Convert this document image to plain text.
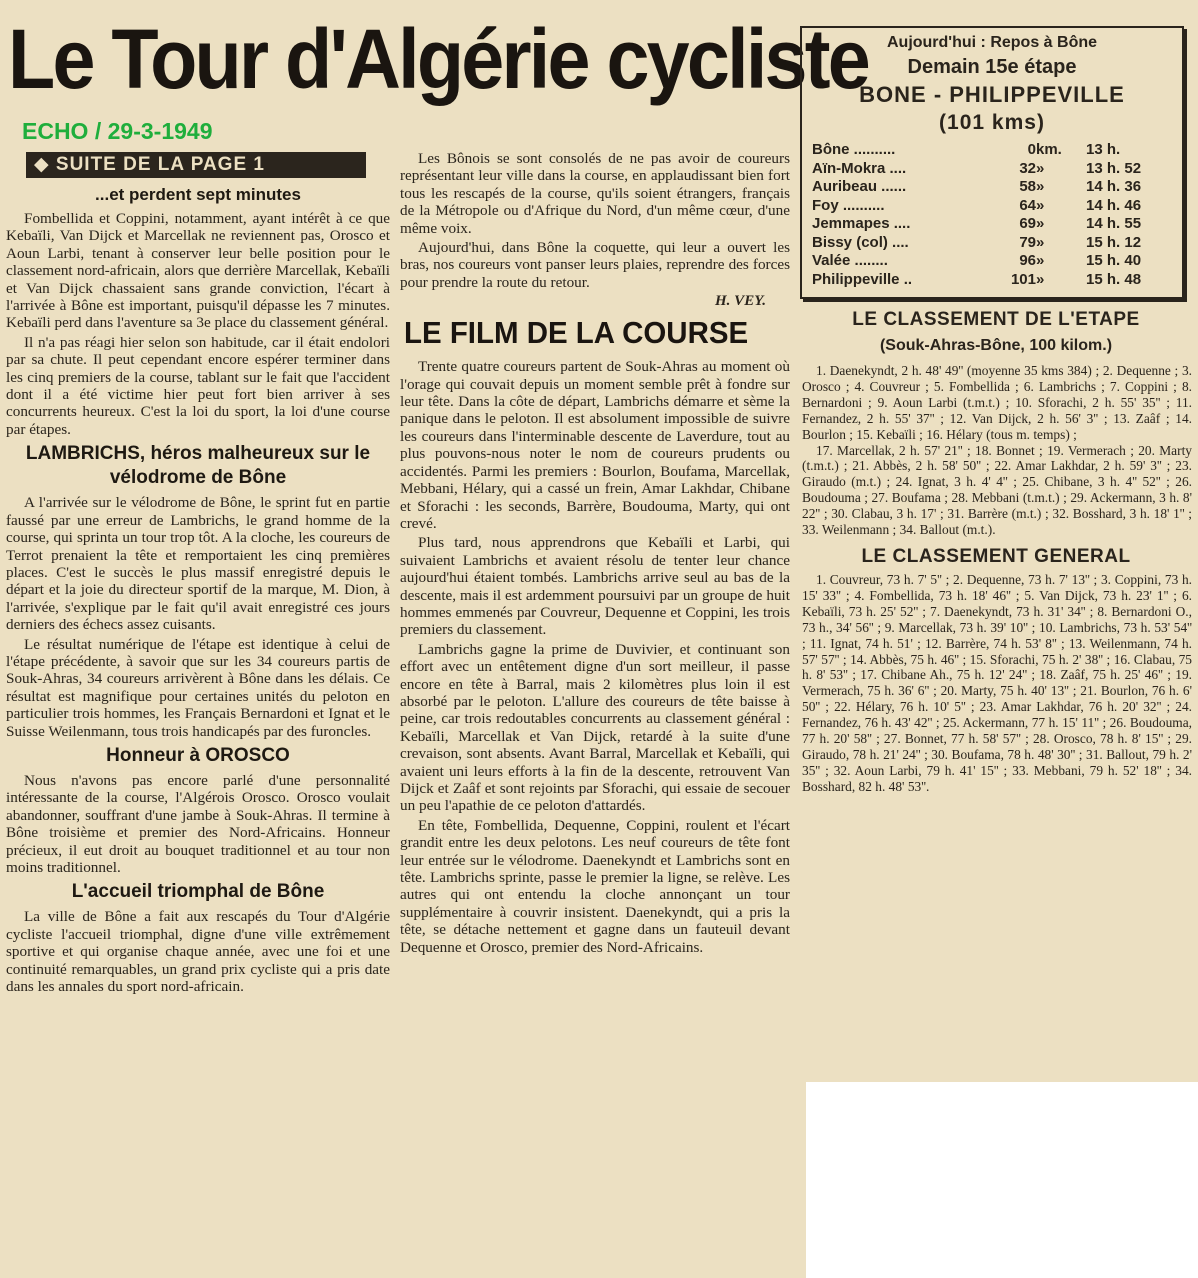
Le Tour d'Algérie cycliste
ECHO / 29-3-1949
◆ SUITE DE LA PAGE 1
...et perdent sept minutes

Fombellida et Coppini, notamment, ayant intérêt à ce que Kebaïli, Van Dijck et Marcellak ne reviennent pas, Orosco et Aoun Larbi, tenant à conserver leur belle position pour le classement nord-africain, alors que derrière Marcellak, Kebaïli et Van Dijck chassaient sans grande conviction, l'écart à l'arrivée à Bône est important, puisqu'il dépasse les 7 minutes. Kebaïli perd dans l'aventure sa 3e place du classement général.

Il n'a pas réagi hier selon son habitude, car il était endolori par sa chute. Il peut cependant encore espérer terminer dans les cinq premiers de la course, tablant sur le fait que l'accident dont il a été victime hier peut fort bien arriver à ses concurrents heureux. C'est la loi du sport, la loi d'une course par étapes.

LAMBRICHS, héros malheureux sur le vélodrome de Bône

A l'arrivée sur le vélodrome de Bône, le sprint fut en partie faussé par une erreur de Lambrichs, le grand homme de la course, qui sprinta un tour trop tôt. A la cloche, les coureurs de Terrot prenaient la tête et remportaient les cinq premières places. C'est le succès le plus massif enregistré depuis le départ et la joie du directeur sportif de la marque, M. Dion, à l'arrivée, s'explique par le fait qu'il avait enregistré ces jours derniers des échecs assez cuisants.

Le résultat numérique de l'étape est identique à celui de l'étape précédente, à savoir que sur les 34 coureurs partis de Souk-Ahras, 34 coureurs arrivèrent à Bône dans les délais. Ce résultat est magnifique pour certaines unités du peloton en particulier trois hommes, les Français Bernardoni et Ignat et le Suisse Weilenmann, tous trois handicapés par des furoncles.

Honneur à OROSCO

Nous n'avons pas encore parlé d'une personnalité intéressante de la course, l'Algérois Orosco. Orosco voulait abandonner, souffrant d'une jambe à Souk-Ahras. Il termine à Bône troisième et premier des Nord-Africains. Honneur précieux, il eut droit au bouquet traditionnel et au tour non moins traditionnel.

L'accueil triomphal de Bône

La ville de Bône a fait aux rescapés du Tour d'Algérie cycliste l'accueil triomphal, digne d'une ville extrêmement sportive et qui organise chaque année, avec une foi et une continuité remarquables, un grand prix cycliste qui a pris date dans les annales du sport nord-africain.

Les Bônois se sont consolés de ne pas avoir de coureurs représentant leur ville dans la course, en applaudissant bien fort tous les rescapés de la course, qu'ils soient étrangers, français de la Métropole ou d'Afrique du Nord, d'un même cœur, d'une même voix.

Aujourd'hui, dans Bône la coquette, qui leur a ouvert les bras, nos coureurs vont panser leurs plaies, reprendre des forces pour prendre la route du retour.

H. VEY.
LE FILM DE LA COURSE

Trente quatre coureurs partent de Souk-Ahras au moment où l'orage qui couvait depuis un moment semble prêt à fondre sur leur tête. Dans la côte de départ, Lambrichs démarre et sème la panique dans le peloton. Il est absolument impossible de suivre les coureurs dans l'interminable descente de Laverdure, tout au plus pouvons-nous noter le nom de coureurs prudents ou accidentés. Parmi les premiers : Bourlon, Boufama, Marcellak, Mebbani, Hélary, qui a cassé un frein, Amar Lakhdar, Chibane et Sforachi : les seconds, Barrère, Boudouma, Marty, qui ont crevé.

Plus tard, nous apprendrons que Kebaïli et Larbi, qui suivaient Lambrichs et avaient résolu de tenter leur chance aujourd'hui étaient tombés. Lambrichs arrive seul au bas de la descente, mais il est ardemment poursuivi par un groupe de huit hommes emmenés par Couvreur, Dequenne et Coppini, les trois premiers du classement.

Lambrichs gagne la prime de Duvivier, et continuant son effort avec un entêtement digne d'un sort meilleur, il passe encore en tête à Barral, mais 2 kilomètres plus loin il est absorbé par le peloton. L'allure des coureurs de tête baisse à peine, car trois redoutables concurrents au classement général : Kebaïli, Marcellak et Van Dijck, retardé à la suite d'une crevaison, sont absents. Avant Barral, Marcellak et Kebaïli, qui avaient uni leurs efforts à la fin de la descente, retrouvent Van Dijck et Zaâf et sont rejoints par Sforachi, qui essaie de secouer un peu l'apathie de ce peloton d'attardés.

En tête, Fombellida, Dequenne, Coppini, roulent et l'écart grandit entre les deux pelotons. Les neuf coureurs de tête font leur entrée sur le vélodrome. Daenekyndt et Lambrichs sont en tête. Lambrichs sprinte, passe le premier la ligne, se relève. Les autres qui ont entendu la cloche annonçant un tour supplémentaire à couvrir insistent. Daenekyndt, qui a pris la tête, se détache nettement et gagne dans un fauteuil devant Dequenne et Orosco, premier des Nord-Africains.

Aujourd'hui : Repos à Bône
Demain 15e étape
BONE - PHILIPPEVILLE
(101 kms)
Bône ..........	0	km.	13 h.
Aïn-Mokra ....	32	»	13 h. 52
Auribeau ......	58	»	14 h. 36
Foy ..........	64	»	14 h. 46
Jemmapes ....	69	»	14 h. 55
Bissy (col) ....	79	»	15 h. 12
Valée ........	96	»	15 h. 40
Philippeville ..	101	»	15 h. 48
LE CLASSEMENT DE L'ETAPE
(Souk-Ahras-Bône, 100 kilom.)

1. Daenekyndt, 2 h. 48' 49'' (moyenne 35 kms 384) ; 2. Dequenne ; 3. Orosco ; 4. Couvreur ; 5. Fombellida ; 6. Lambrichs ; 7. Coppini ; 8. Bernardoni ; 9. Aoun Larbi (t.m.t.) ; 10. Sforachi, 2 h. 55' 35'' ; 11. Fernandez, 2 h. 55' 37'' ; 12. Van Dijck, 2 h. 56' 3'' ; 13. Zaâf ; 14. Bourlon ; 15. Kebaïli ; 16. Hélary (tous m. temps) ;

17. Marcellak, 2 h. 57' 21'' ; 18. Bonnet ; 19. Vermerach ; 20. Marty (t.m.t.) ; 21. Abbès, 2 h. 58' 50'' ; 22. Amar Lakhdar, 2 h. 59' 3'' ; 23. Giraudo (m.t.) ; 24. Ignat, 3 h. 4' 4'' ; 25. Chibane, 3 h. 4'' 52'' ; 26. Boudouma ; 27. Boufama ; 28. Mebbani (t.m.t.) ; 29. Ackermann, 3 h. 8' 22'' ; 30. Clabau, 3 h. 17' ; 31. Barrère (m.t.) ; 32. Bosshard, 3 h. 18' 1'' ; 33. Weilenmann ; 34. Ballout (m.t.).

LE CLASSEMENT GENERAL

1. Couvreur, 73 h. 7' 5'' ; 2. Dequenne, 73 h. 7' 13'' ; 3. Coppini, 73 h. 15' 33'' ; 4. Fombellida, 73 h. 18' 46'' ; 5. Van Dijck, 73 h. 23' 1'' ; 6. Kebaïli, 73 h. 25' 52'' ; 7. Daenekyndt, 73 h. 31' 34'' ; 8. Bernardoni O., 73 h., 34' 56'' ; 9. Marcellak, 73 h. 39' 10'' ; 10. Lambrichs, 73 h. 53' 54'' ; 11. Ignat, 74 h. 51' ; 12. Barrère, 74 h. 53' 8'' ; 13. Weilenmann, 74 h. 57' 57'' ; 14. Abbès, 75 h. 46'' ; 15. Sforachi, 75 h. 2' 38'' ; 16. Clabau, 75 h. 8' 53'' ; 17. Chibane Ah., 75 h. 12' 24'' ; 18. Zaâf, 75 h. 25' 46'' ; 19. Vermerach, 75 h. 36' 6'' ; 20. Marty, 75 h. 40' 13'' ; 21. Bourlon, 76 h. 6' 50'' ; 22. Hélary, 76 h. 10' 5'' ; 23. Amar Lakhdar, 76 h. 20' 32'' ; 24. Fernandez, 76 h. 43' 42'' ; 25. Ackermann, 77 h. 15' 11'' ; 26. Boudouma, 77 h. 20' 58'' ; 27. Bonnet, 77 h. 58' 57'' ; 28. Orosco, 78 h. 8' 15'' ; 29. Giraudo, 78 h. 21' 24'' ; 30. Boufama, 78 h. 48' 30'' ; 31. Ballout, 79 h. 2' 35'' ; 32. Aoun Larbi, 79 h. 41' 15'' ; 33. Mebbani, 79 h. 52' 18'' ; 34. Bosshard, 82 h. 48' 53''.
